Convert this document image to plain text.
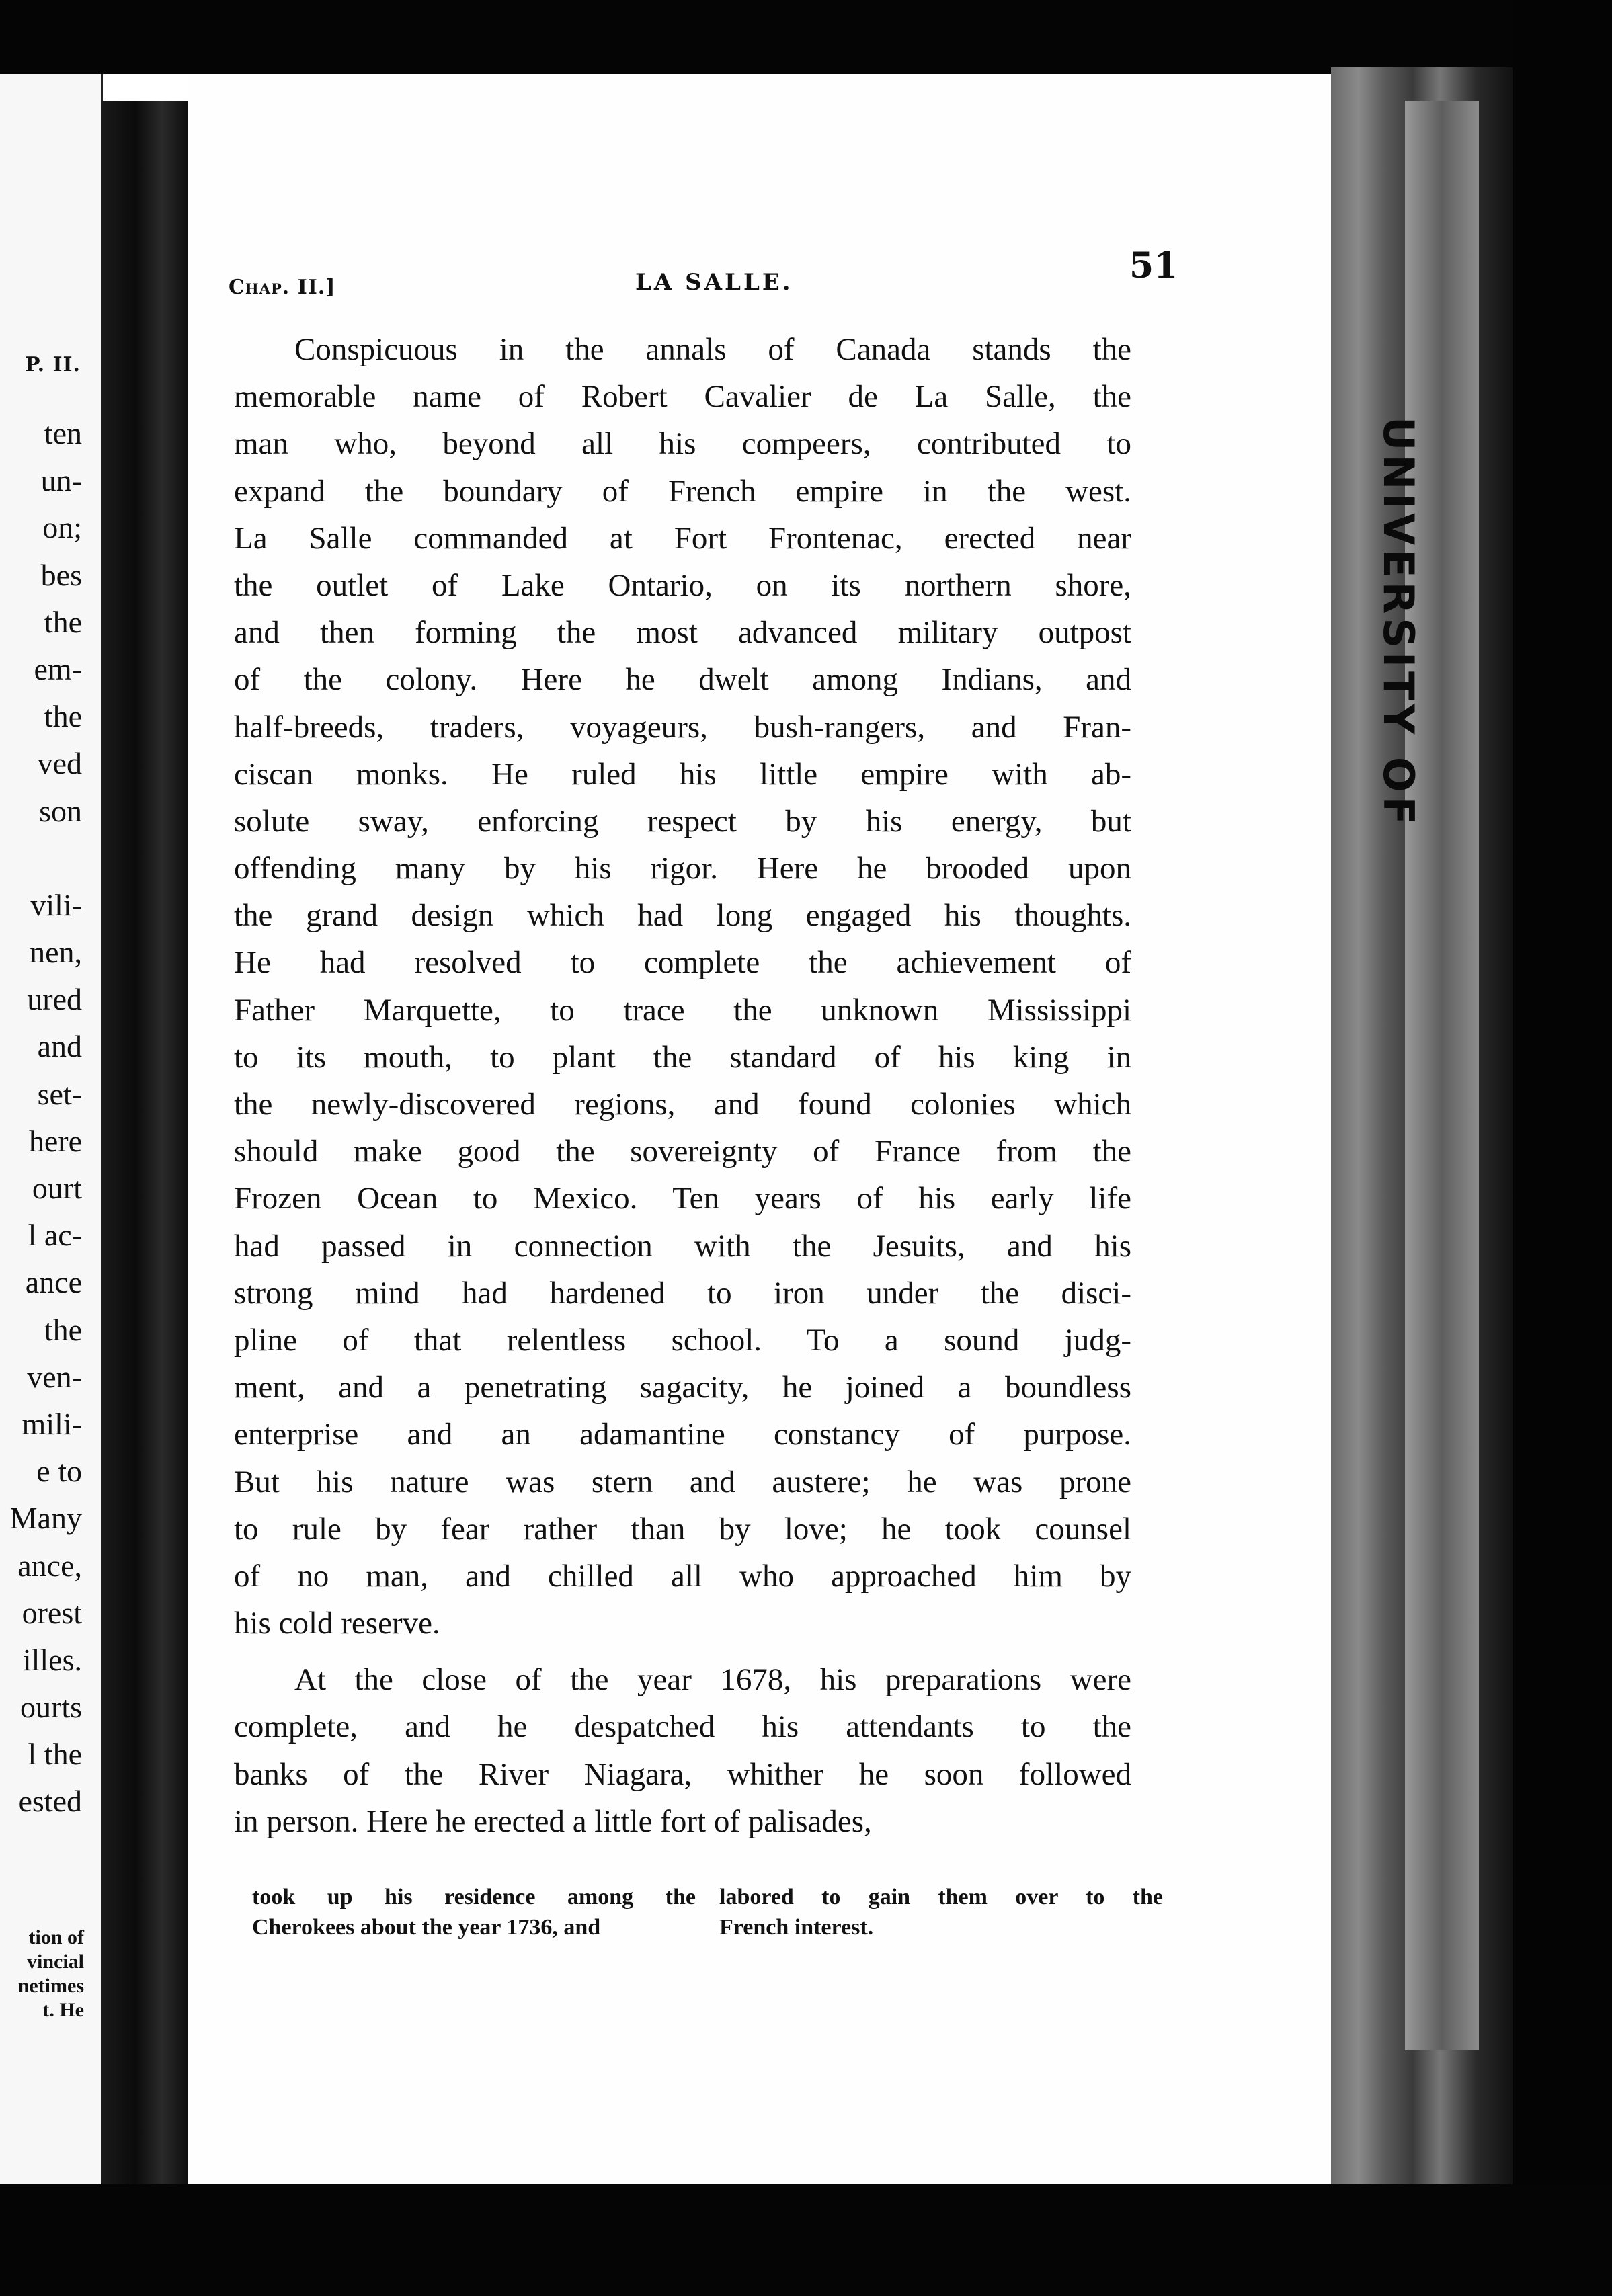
P. II.
ten
un-
on;
bes
the
em-
the
ved
son
vili-
nen,
ured
and
set-
here
ourt
l ac-
ance
the
ven-
mili-
e to
Many
ance,
orest
illes.
ourts
l the
ested
tion of
vincial
netimes
t. He
Chap. II.]	LA SALLE.	51
Conspicuous in the annals of Canada stands the
memorable name of Robert Cavalier de La Salle, the
man who, beyond all his compeers, contributed to
expand the boundary of French empire in the west.
La Salle commanded at Fort Frontenac, erected near
the outlet of Lake Ontario, on its northern shore,
and then forming the most advanced military outpost
of the colony. Here he dwelt among Indians, and
half-breeds, traders, voyageurs, bush-rangers, and Fran-
ciscan monks. He ruled his little empire with ab-
solute sway, enforcing respect by his energy, but
offending many by his rigor. Here he brooded upon
the grand design which had long engaged his thoughts.
He had resolved to complete the achievement of
Father Marquette, to trace the unknown Mississippi
to its mouth, to plant the standard of his king in
the newly-discovered regions, and found colonies which
should make good the sovereignty of France from the
Frozen Ocean to Mexico. Ten years of his early life
had passed in connection with the Jesuits, and his
strong mind had hardened to iron under the disci-
pline of that relentless school. To a sound judg-
ment, and a penetrating sagacity, he joined a boundless
enterprise and an adamantine constancy of purpose.
But his nature was stern and austere; he was prone
to rule by fear rather than by love; he took counsel
of no man, and chilled all who approached him by
his cold reserve.
At the close of the year 1678, his preparations were
complete, and he despatched his attendants to the
banks of the River Niagara, whither he soon followed
in person. Here he erected a little fort of palisades,
took up his residence among the
Cherokees about the year 1736, and
labored to gain them over to the
French interest.
UNIVERSITY OF
